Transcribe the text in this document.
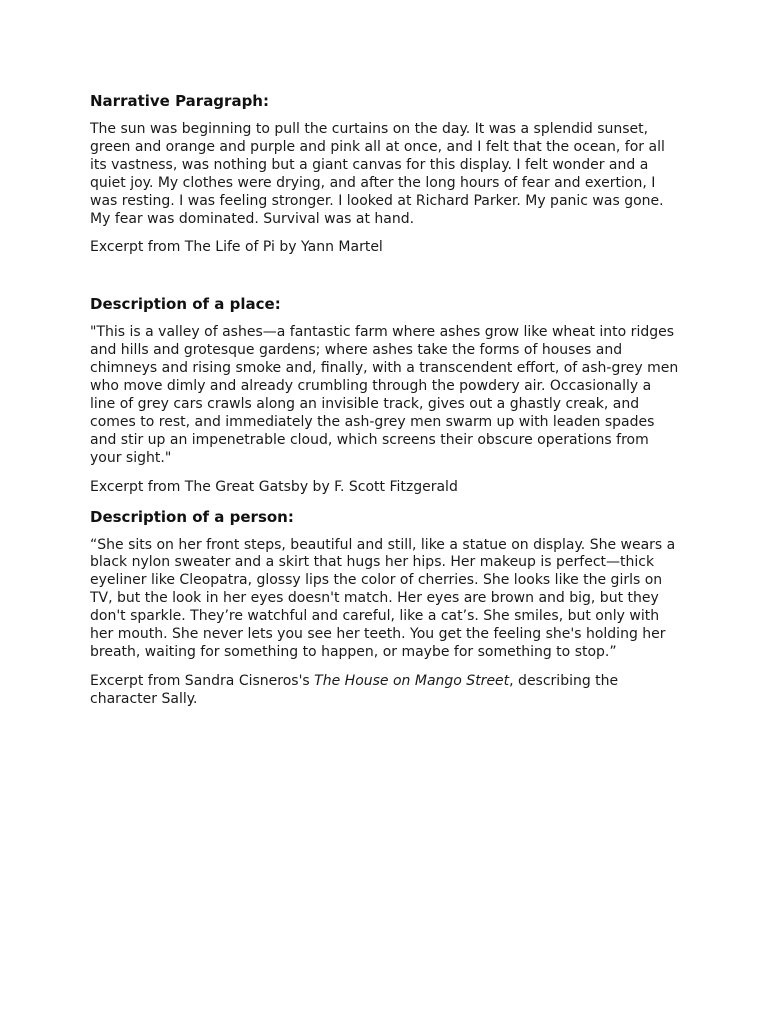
Narrative Paragraph:

The sun was beginning to pull the curtains on the day. It was a splendid sunset, green and orange and purple and pink all at once, and I felt that the ocean, for all its vastness, was nothing but a giant canvas for this display. I felt wonder and a quiet joy. My clothes were drying, and after the long hours of fear and exertion, I was resting. I was feeling stronger. I looked at Richard Parker. My panic was gone. My fear was dominated. Survival was at hand.

Excerpt from The Life of Pi by Yann Martel

Description of a place:

"This is a valley of ashes—a fantastic farm where ashes grow like wheat into ridges and hills and grotesque gardens; where ashes take the forms of houses and chimneys and rising smoke and, finally, with a transcendent effort, of ash-grey men who move dimly and already crumbling through the powdery air. Occasionally a line of grey cars crawls along an invisible track, gives out a ghastly creak, and comes to rest, and immediately the ash-grey men swarm up with leaden spades and stir up an impenetrable cloud, which screens their obscure operations from your sight."

Excerpt from The Great Gatsby by F. Scott Fitzgerald

Description of a person:

“She sits on her front steps, beautiful and still, like a statue on display. She wears a black nylon sweater and a skirt that hugs her hips. Her makeup is perfect—thick eyeliner like Cleopatra, glossy lips the color of cherries. She looks like the girls on TV, but the look in her eyes doesn't match. Her eyes are brown and big, but they don't sparkle. They’re watchful and careful, like a cat’s. She smiles, but only with her mouth. She never lets you see her teeth. You get the feeling she's holding her breath, waiting for something to happen, or maybe for something to stop.”

Excerpt from Sandra Cisneros's The House on Mango Street, describing the character Sally.
